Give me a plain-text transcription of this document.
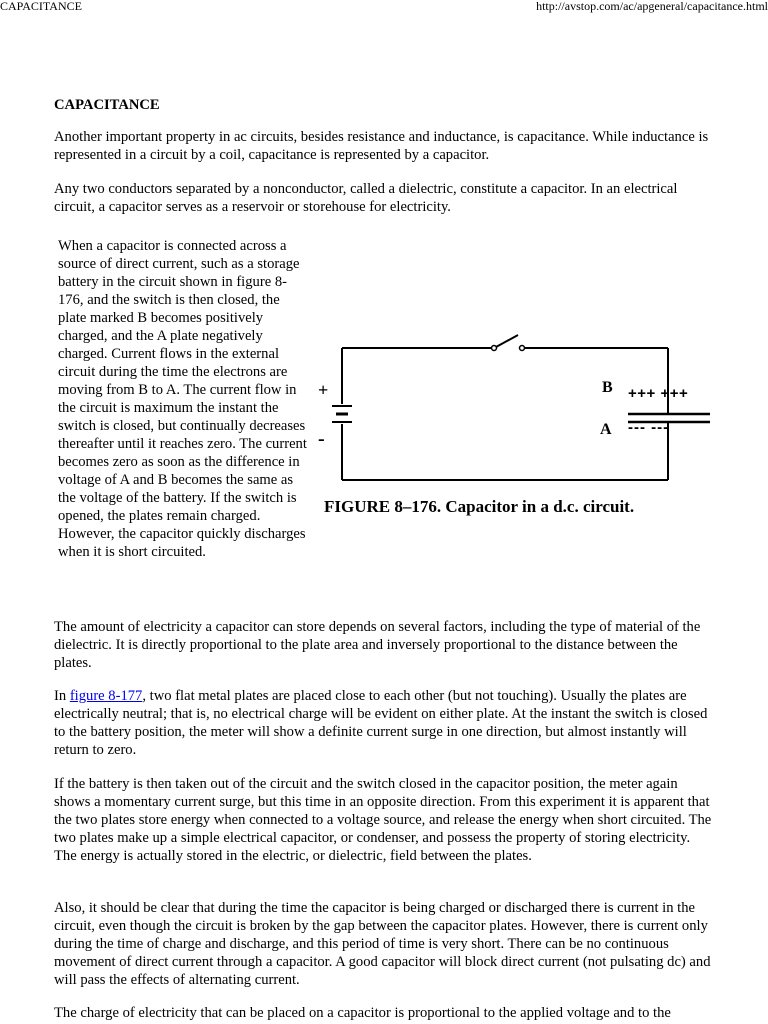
CAPACITANCE	http://avstop.com/ac/apgeneral/capacitance.html
CAPACITANCE

Another important property in ac circuits, besides resistance and inductance, is capacitance. While inductance is represented in a circuit by a coil, capacitance is represented by a capacitor.

Any two conductors separated by a nonconductor, called a dielectric, constitute a capacitor. In an electrical circuit, a capacitor serves as a reservoir or storehouse for electricity.

When a capacitor is connected across a source of direct current, such as a storage battery in the circuit shown in figure 8-176, and the switch is then closed, the plate marked B becomes positively charged, and the A plate negatively charged. Current flows in the external circuit during the time the electrons are moving from B to A. The current flow in the circuit is maximum the instant the switch is closed, but continually decreases thereafter until it reaches zero. The current becomes zero as soon as the difference in voltage of A and B becomes the same as the voltage of the battery. If the switch is opened, the plates remain charged. However, the capacitor quickly discharges when it is short circuited.

+
-
B
A
+++ +++
--- ---
FIGURE 8–176. Capacitor in a d.c. circuit.

The amount of electricity a capacitor can store depends on several factors, including the type of material of the dielectric. It is directly proportional to the plate area and inversely proportional to the distance between the plates.

In figure 8-177, two flat metal plates are placed close to each other (but not touching). Usually the plates are electrically neutral; that is, no electrical charge will be evident on either plate. At the instant the switch is closed to the battery position, the meter will show a definite current surge in one direction, but almost instantly will return to zero.

If the battery is then taken out of the circuit and the switch closed in the capacitor position, the meter again shows a momentary current surge, but this time in an opposite direction. From this experiment it is apparent that the two plates store energy when connected to a voltage source, and release the energy when short circuited. The two plates make up a simple electrical capacitor, or condenser, and possess the property of storing electricity. The energy is actually stored in the electric, or dielectric, field between the plates.

Also, it should be clear that during the time the capacitor is being charged or discharged there is current in the circuit, even though the circuit is broken by the gap between the capacitor plates. However, there is current only during the time of charge and discharge, and this period of time is very short. There can be no continuous movement of direct current through a capacitor. A good capacitor will block direct current (not pulsating dc) and will pass the effects of alternating current.

The charge of electricity that can be placed on a capacitor is proportional to the applied voltage and to the
